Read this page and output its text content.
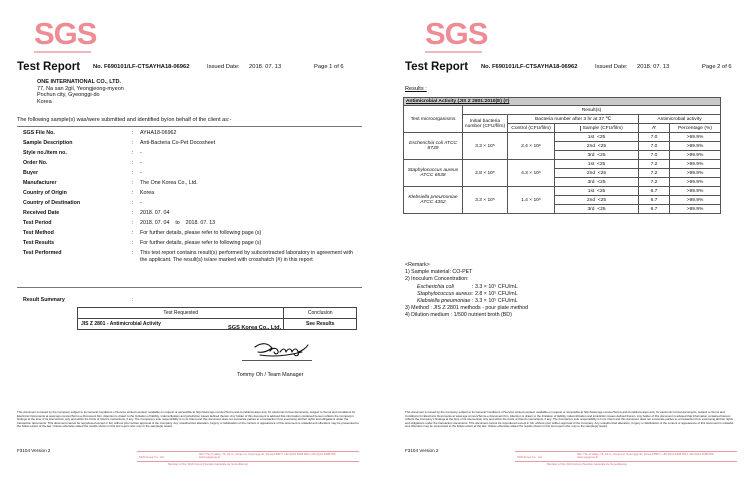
SGS
Test Report No. F690101/LF-CTSAYHA18-06962	Issued Date: 2018. 07. 13	Page 1 of 6
ONE INTERNATIONAL CO., LTD.
77, Na san 2gil, Yeongjeong-myeon
Pochun city, Gyeonggi-do
Korea
The following sample(s) was/were submitted and identified by/on behalf of the client as:-
SGS File No.	: AYHA18-06962
Sample Description	: Anti-Bacteria Co-Pet Docosheet
Style no./item no.	: -
Order No.	: -
Buyer	: -
Manufacturer	: The One Korea Co., Ltd.
Country of Origin	: Korea
Country of Destination	: -
Received Date	: 2018. 07. 04
Test Period	: 2018. 07. 04    to    2018. 07. 13
Test Method	: For further details, please refer to following page (s)
Test Results	: For further details, please refer to following page (s)
Test Performed	: This test report contains result(s) performed by subcontracted laboratory in agreement with the applicant. The result(s) is/are marked with crosshatch (#) in this report
Result Summary	:
Test Requested	Conclusion
JIS Z 2801 - Antimicrobial Activity	See Results
SGS Korea Co., Ltd.
Tommy Oh / Team Manager
This document is issued by the Company subject to its General Conditions of Service printed overleaf, available on request or accessible at http://www.sgs.com/en/Terms-and-Conditions.aspx and, for electronic format documents, subject to Terms and Conditions for Electronic Documents at www.sgs.com/en/Terms-e-Document.htm. Attention is drawn to the limitation of liability, indemnification and jurisdiction issues defined therein. Any holder of this document is advised that information contained hereon reflects the Company's findings at the time of its intervention only and within the limits of Client's instructions, if any. The Company's sole responsibility is to its Client and this document does not exonerate parties to a transaction from exercising all their rights and obligations under the transaction documents. This document cannot be reproduced except in full, without prior written approval of the Company. Any unauthorized alteration, forgery or falsification of the content or appearance of this document is unlawful and offenders may be prosecuted to the fullest extent of the law. Unless otherwise stated the results shown in this test report refer only to the sample(s) tested.
F3104 Version 2
SGS Korea Co., Ltd.
322, The O valley, 76, LS-ro, Gunpo-si, Gyeonggi-do, Korea 15807 t +82 (0)31 4608 000 f +82 (0)31 4608 059 www.sgsgroup.kr
Member of the SGS Group (Société Générale de Surveillance)
SGS
Test Report No. F690101/LF-CTSAYHA18-06962	Issued Date: 2018. 07. 13	Page 2 of 6
Results :
Antimicrobial Activity (JIS Z 2801:2010(E) (#)					
Test microorganisms	Result(s)				
	Initial bacteria number (CFU/film)	Bacteria number after 3 hr at 37 ℃		Antimicrobial activity	
		Control (CFU/film)	Sample (CFU/film)	R	Percentage (%)
Escherichia coli ATCC 8739	3.3 × 10⁵	2.4 × 10⁶	1st <25	7.0	>99.9%
			2nd <25	7.0	>99.9%
			3rd <25	7.0	>99.9%
Staphylococcus aureus ATCC 6538	2.8 × 10⁵	4.3 × 10⁶	1st <25	7.2	>99.9%
			2nd <25	7.2	>99.9%
			3rd <25	7.2	>99.9%
Klebsiella pneumoniae ATCC 4352	3.3 × 10⁵	1.4 × 10⁶	1st <25	6.7	>99.9%
			2nd <25	6.7	>99.9%
			3rd <25	6.7	>99.9%
<Remark>
1) Sample material: CO-PET
2) Inoculum Concentration:
Escherichia coli	: 3.3 × 10⁵ CFU/mL
Staphylococcus aureus: 2.8 × 10⁵ CFU/mL
Klebsiella pneumoniae : 3.3 × 10⁵ CFU/mL
3) Method : JIS Z 2801 methods - pour plate method
4) Dilution medium : 1/500 nutrient broth (BD)
This document is issued by the Company subject to its General Conditions of Service printed overleaf, available on request or accessible at http://www.sgs.com/en/Terms-and-Conditions.aspx and, for electronic format documents, subject to Terms and Conditions for Electronic Documents at www.sgs.com/en/Terms-e-Document.htm. Attention is drawn to the limitation of liability, indemnification and jurisdiction issues defined therein. Any holder of this document is advised that information contained hereon reflects the Company's findings at the time of its intervention only and within the limits of Client's instructions, if any. The Company's sole responsibility is to its Client and this document does not exonerate parties to a transaction from exercising all their rights and obligations under the transaction documents. This document cannot be reproduced except in full, without prior written approval of the Company. Any unauthorized alteration, forgery or falsification of the content or appearance of this document is unlawful and offenders may be prosecuted to the fullest extent of the law. Unless otherwise stated the results shown in this test report refer only to the sample(s) tested.
F3104 Version 2
SGS Korea Co., Ltd.
322, The O valley, 76, LS-ro, Gunpo-si, Gyeonggi-do, Korea 15807 t +82 (0)31 4608 000 f +82 (0)31 4608 059 www.sgsgroup.kr
Member of the SGS Group (Société Générale de Surveillance)
